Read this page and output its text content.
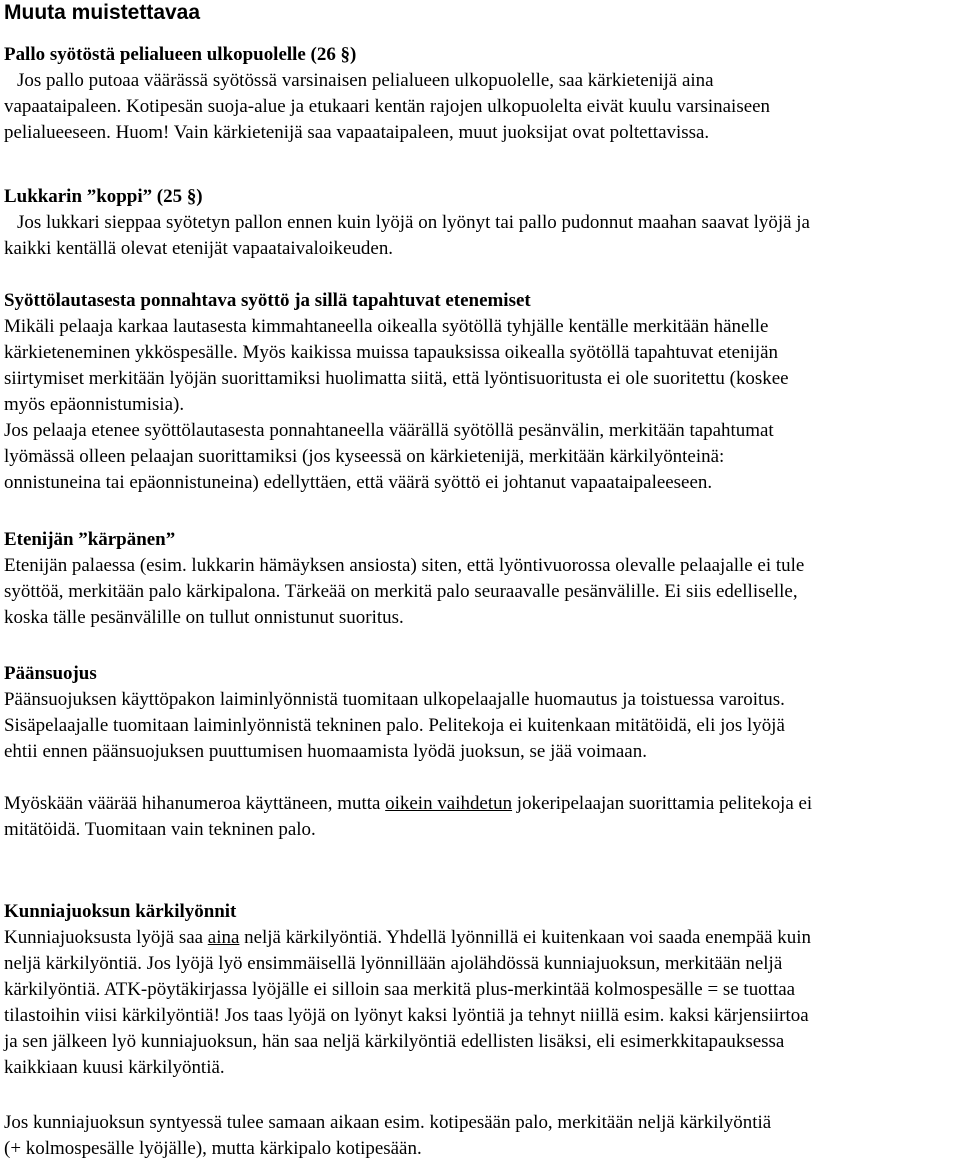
Muuta muistettavaa
Pallo syötöstä pelialueen ulkopuolelle (26 §)
Jos pallo putoaa väärässä syötössä varsinaisen pelialueen ulkopuolelle, saa kärkietenijä aina
vapaataipaleen. Kotipesän suoja-alue ja etukaari kentän rajojen ulkopuolelta eivät kuulu varsinaiseen
pelialueeseen. Huom! Vain kärkietenijä saa vapaataipaleen, muut juoksijat ovat poltettavissa.
Lukkarin ”koppi” (25 §)
Jos lukkari sieppaa syötetyn pallon ennen kuin lyöjä on lyönyt tai pallo pudonnut maahan saavat lyöjä ja
kaikki kentällä olevat etenijät vapaataivaloikeuden.
Syöttölautasesta ponnahtava syöttö ja sillä tapahtuvat etenemiset
Mikäli pelaaja karkaa lautasesta kimmahtaneella oikealla syötöllä tyhjälle kentälle merkitään hänelle
kärkieteneminen ykköspesälle. Myös kaikissa muissa tapauksissa oikealla syötöllä tapahtuvat etenijän
siirtymiset merkitään lyöjän suorittamiksi huolimatta siitä, että lyöntisuoritusta ei ole suoritettu (koskee
myös epäonnistumisia).
Jos pelaaja etenee syöttölautasesta ponnahtaneella väärällä syötöllä pesänvälin, merkitään tapahtumat
lyömässä olleen pelaajan suorittamiksi (jos kyseessä on kärkietenijä, merkitään kärkilyönteinä:
onnistuneina tai epäonnistuneina) edellyttäen, että väärä syöttö ei johtanut vapaataipaleeseen.
Etenijän ”kärpänen”
Etenijän palaessa (esim. lukkarin hämäyksen ansiosta) siten, että lyöntivuorossa olevalle pelaajalle ei tule
syöttöä, merkitään palo kärkipalona. Tärkeää on merkitä palo seuraavalle pesänvälille. Ei siis edelliselle,
koska tälle pesänvälille on tullut onnistunut suoritus.
Päänsuojus
Päänsuojuksen käyttöpakon laiminlyönnistä tuomitaan ulkopelaajalle huomautus ja toistuessa varoitus.
Sisäpelaajalle tuomitaan laiminlyönnistä tekninen palo. Pelitekoja ei kuitenkaan mitätöidä, eli jos lyöjä
ehtii ennen päänsuojuksen puuttumisen huomaamista lyödä juoksun, se jää voimaan.
Myöskään väärää hihanumeroa käyttäneen, mutta oikein vaihdetun jokeripelaajan suorittamia pelitekoja ei
mitätöidä. Tuomitaan vain tekninen palo.
Kunniajuoksun kärkilyönnit
Kunniajuoksusta lyöjä saa aina neljä kärkilyöntiä. Yhdellä lyönnillä ei kuitenkaan voi saada enempää kuin
neljä kärkilyöntiä. Jos lyöjä lyö ensimmäisellä lyönnillään ajolähdössä kunniajuoksun, merkitään neljä
kärkilyöntiä. ATK-pöytäkirjassa lyöjälle ei silloin saa merkitä plus-merkintää kolmospesälle = se tuottaa
tilastoihin viisi kärkilyöntiä! Jos taas lyöjä on lyönyt kaksi lyöntiä ja tehnyt niillä esim. kaksi kärjensiirtoa
ja sen jälkeen lyö kunniajuoksun, hän saa neljä kärkilyöntiä edellisten lisäksi, eli esimerkkitapauksessa
kaikkiaan kuusi kärkilyöntiä.
Jos kunniajuoksun syntyessä tulee samaan aikaan esim. kotipesään palo, merkitään neljä kärkilyöntiä
(+ kolmospesälle lyöjälle), mutta kärkipalo kotipesään.
